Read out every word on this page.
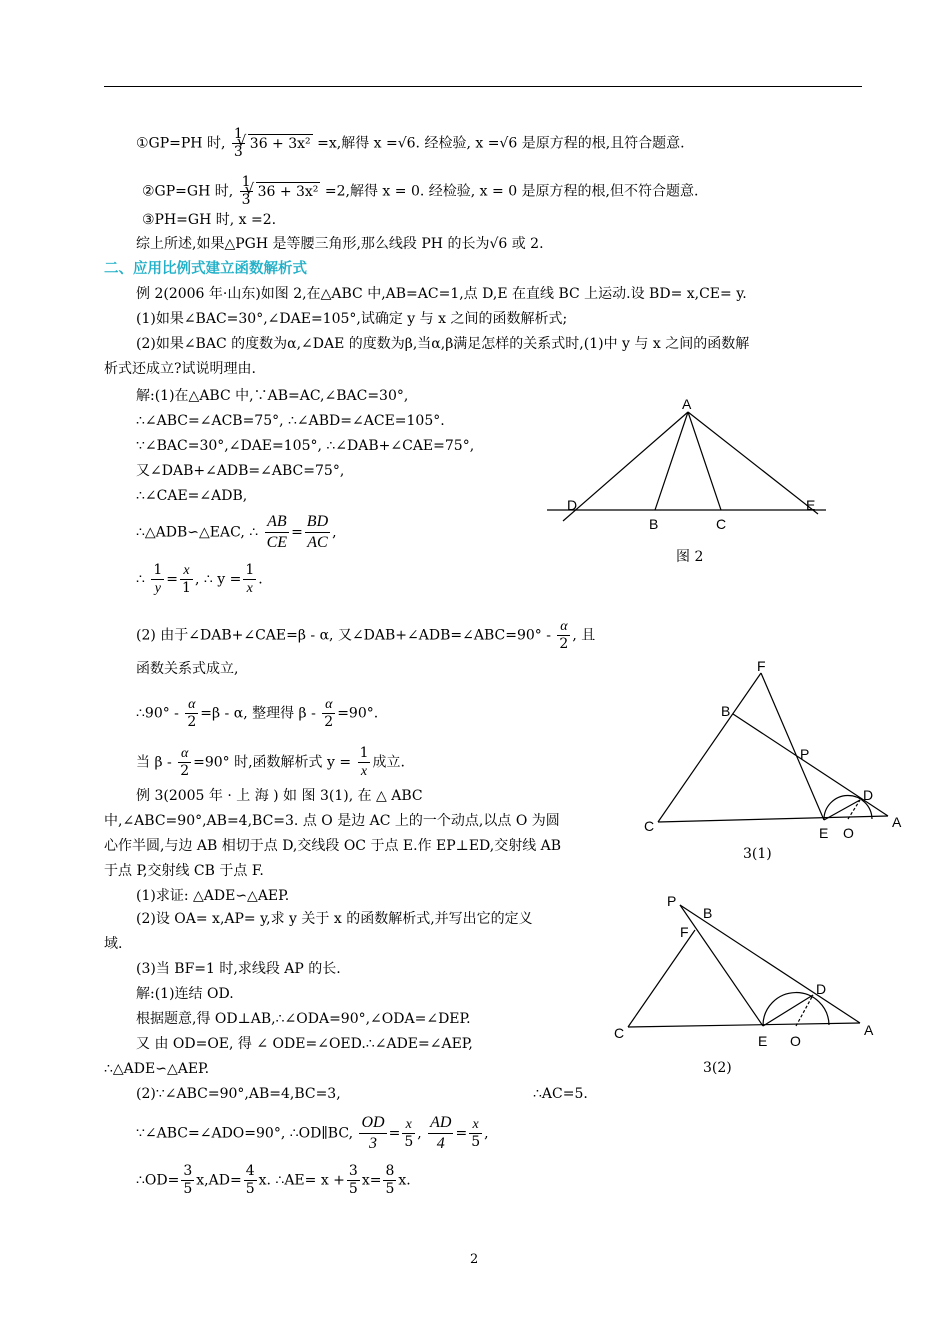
①GP=PH 时, $\frac{1}{3}$ √ 36 + 3x² =x,解得 x =√6. 经检验, x =√6 是原方程的根,且符合题意.
②GP=GH 时, $\frac{1}{3}$ √ 36 + 3x² =2,解得 x = 0. 经检验, x = 0 是原方程的根,但不符合题意.
③PH=GH 时, x =2.
综上所述,如果△PGH 是等腰三角形,那么线段 PH 的长为√6 或 2.
二、应用比例式建立函数解析式
例 2(2006 年·山东)如图 2,在△ABC 中,AB=AC=1,点 D,E 在直线 BC 上运动.设 BD= x,CE= y.
(1)如果∠BAC=30°,∠DAE=105°,试确定 y 与 x 之间的函数解析式;
(2)如果∠BAC 的度数为α,∠DAE 的度数为β,当α,β满足怎样的关系式时,(1)中 y 与 x 之间的函数解
析式还成立?试说明理由.
解:(1)在△ABC 中,∵AB=AC,∠BAC=30°,
∴∠ABC=∠ACB=75°, ∴∠ABD=∠ACE=105°.
∵∠BAC=30°,∠DAE=105°, ∴∠DAB+∠CAE=75°,
又∠DAB+∠ADB=∠ABC=75°,
∴∠CAE=∠ADB,
∴△ADB∽△EAC, ∴ $\frac{AB}{CE} = \frac{BD}{AC}$ ,
∴ $\frac{1}{y} = \frac{x}{1}$ , ∴ $y = \frac{1}{x}$ .
(2) 由于∠DAB+∠CAE=β - α, 又∠DAB+∠ADB=∠ABC=90° - $\frac{\alpha}{2}$ , 且
函数关系式成立,
∴90° - $\frac{\alpha}{2} =\beta - \alpha$, 整理得 $\beta - \frac{\alpha}{2} =90^\circ$.
当 $\beta - \frac{\alpha}{2} =90^\circ$ 时,函数解析式 $y = \frac{1}{x}$ 成立.
例 3(2005 年 · 上 海 ) 如 图 3(1), 在 △ ABC
中,∠ABC=90°,AB=4,BC=3. 点 O 是边 AC 上的一个动点,以点 O 为圆
心作半圆,与边 AB 相切于点 D,交线段 OC 于点 E.作 EP⊥ED,交射线 AB
于点 P,交射线 CB 于点 F.
(1)求证: △ADE∽△AEP.
(2)设 OA= x,AP= y,求 y 关于 x 的函数解析式,并写出它的定义
域.
(3)当 BF=1 时,求线段 AP 的长.
解:(1)连结 OD.
根据题意,得 OD⊥AB,∴∠ODA=90°,∠ODA=∠DEP.
又 由 OD=OE, 得 ∠ ODE=∠OED.∴∠ADE=∠AEP,
∴△ADE∽△AEP.
(2)∵∠ABC=90°,AB=4,BC=3,	∴AC=5.
∵∠ABC=∠ADO=90°, ∴OD∥BC, $\frac{OD}{3} = \frac{x}{5}$ , $\frac{AD}{4} = \frac{x}{5}$ ,
∴OD= $\frac{3}{5} x,AD= \frac{4}{5} x$. ∴AE= $x + \frac{3}{5} x= \frac{8}{5} x$.
A
D
B	C
E
图 2
F
B
P
D
C	E O
A
3(1)
P
B
F
D
C	E O
A
3(2)
2
